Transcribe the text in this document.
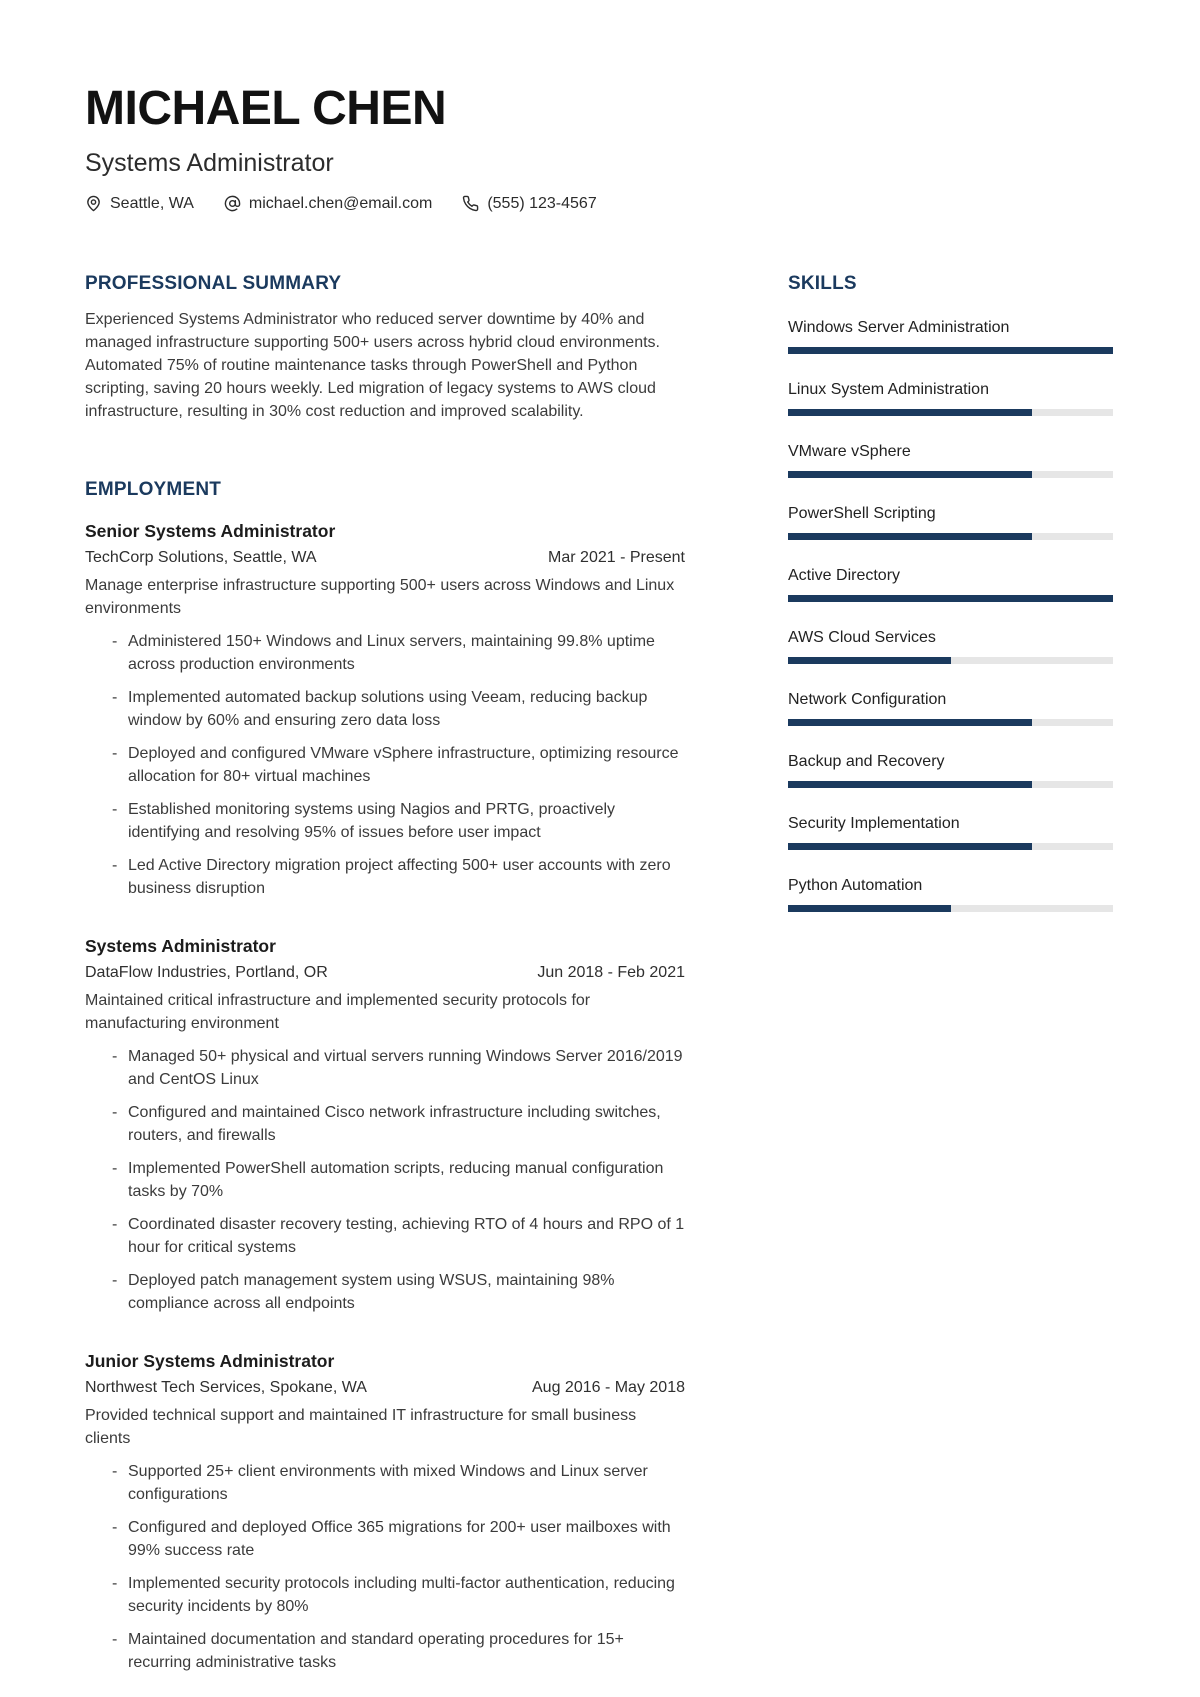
MICHAEL CHEN
Systems Administrator
Seattle, WA	michael.chen@email.com	(555) 123-4567
PROFESSIONAL SUMMARY
Experienced Systems Administrator who reduced server downtime by 40% and managed infrastructure supporting 500+ users across hybrid cloud environments. Automated 75% of routine maintenance tasks through PowerShell and Python scripting, saving 20 hours weekly. Led migration of legacy systems to AWS cloud infrastructure, resulting in 30% cost reduction and improved scalability.
EMPLOYMENT
Senior Systems Administrator
TechCorp Solutions, Seattle, WA	Mar 2021 - Present
Manage enterprise infrastructure supporting 500+ users across Windows and Linux environments
- Administered 150+ Windows and Linux servers, maintaining 99.8% uptime across production environments
- Implemented automated backup solutions using Veeam, reducing backup window by 60% and ensuring zero data loss
- Deployed and configured VMware vSphere infrastructure, optimizing resource allocation for 80+ virtual machines
- Established monitoring systems using Nagios and PRTG, proactively identifying and resolving 95% of issues before user impact
- Led Active Directory migration project affecting 500+ user accounts with zero business disruption
Systems Administrator
DataFlow Industries, Portland, OR	Jun 2018 - Feb 2021
Maintained critical infrastructure and implemented security protocols for manufacturing environment
- Managed 50+ physical and virtual servers running Windows Server 2016/2019 and CentOS Linux
- Configured and maintained Cisco network infrastructure including switches, routers, and firewalls
- Implemented PowerShell automation scripts, reducing manual configuration tasks by 70%
- Coordinated disaster recovery testing, achieving RTO of 4 hours and RPO of 1 hour for critical systems
- Deployed patch management system using WSUS, maintaining 98% compliance across all endpoints
Junior Systems Administrator
Northwest Tech Services, Spokane, WA	Aug 2016 - May 2018
Provided technical support and maintained IT infrastructure for small business clients
- Supported 25+ client environments with mixed Windows and Linux server configurations
- Configured and deployed Office 365 migrations for 200+ user mailboxes with 99% success rate
- Implemented security protocols including multi-factor authentication, reducing security incidents by 80%
- Maintained documentation and standard operating procedures for 15+ recurring administrative tasks
SKILLS
Windows Server Administration
Linux System Administration
VMware vSphere
PowerShell Scripting
Active Directory
AWS Cloud Services
Network Configuration
Backup and Recovery
Security Implementation
Python Automation
